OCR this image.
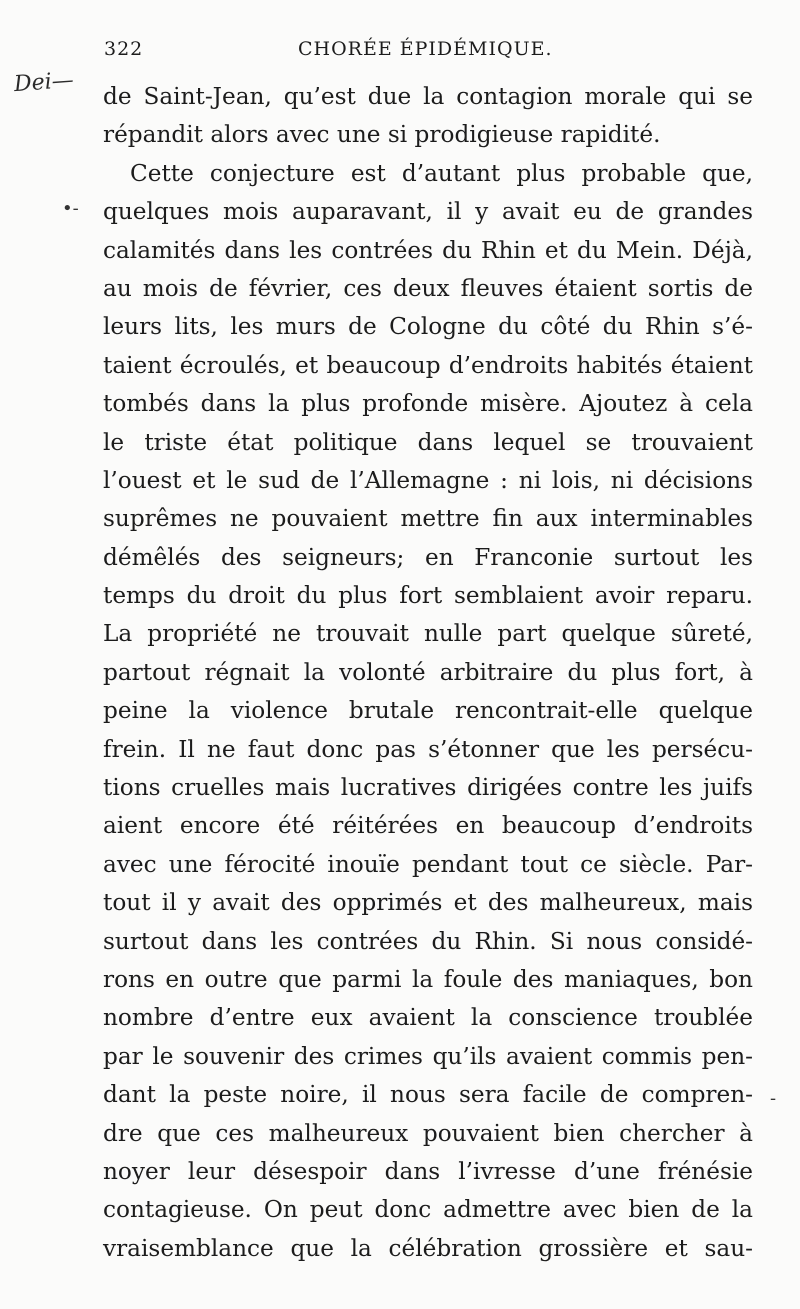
322	CHORÉE ÉPIDÉMIQUE.
Dei—
•-
-
de Saint-Jean, qu’est due la contagion morale qui se
répandit alors avec une si prodigieuse rapidité.
Cette conjecture est d’autant plus probable que,
quelques mois auparavant, il y avait eu de grandes
calamités dans les contrées du Rhin et du Mein. Déjà,
au mois de février, ces deux fleuves étaient sortis de
leurs lits, les murs de Cologne du côté du Rhin s’é-
taient écroulés, et beaucoup d’endroits habités étaient
tombés dans la plus profonde misère. Ajoutez à cela
le triste état politique dans lequel se trouvaient
l’ouest et le sud de l’Allemagne : ni lois, ni décisions
suprêmes ne pouvaient mettre fin aux interminables
démêlés des seigneurs; en Franconie surtout les
temps du droit du plus fort semblaient avoir reparu.
La propriété ne trouvait nulle part quelque sûreté,
partout régnait la volonté arbitraire du plus fort, à
peine la violence brutale rencontrait-elle quelque
frein. Il ne faut donc pas s’étonner que les persécu-
tions cruelles mais lucratives dirigées contre les juifs
aient encore été réitérées en beaucoup d’endroits
avec une férocité inouïe pendant tout ce siècle. Par-
tout il y avait des opprimés et des malheureux, mais
surtout dans les contrées du Rhin. Si nous considé-
rons en outre que parmi la foule des maniaques, bon
nombre d’entre eux avaient la conscience troublée
par le souvenir des crimes qu’ils avaient commis pen-
dant la peste noire, il nous sera facile de compren-
dre que ces malheureux pouvaient bien chercher à
noyer leur désespoir dans l’ivresse d’une frénésie
contagieuse. On peut donc admettre avec bien de la
vraisemblance que la célébration grossière et sau-
